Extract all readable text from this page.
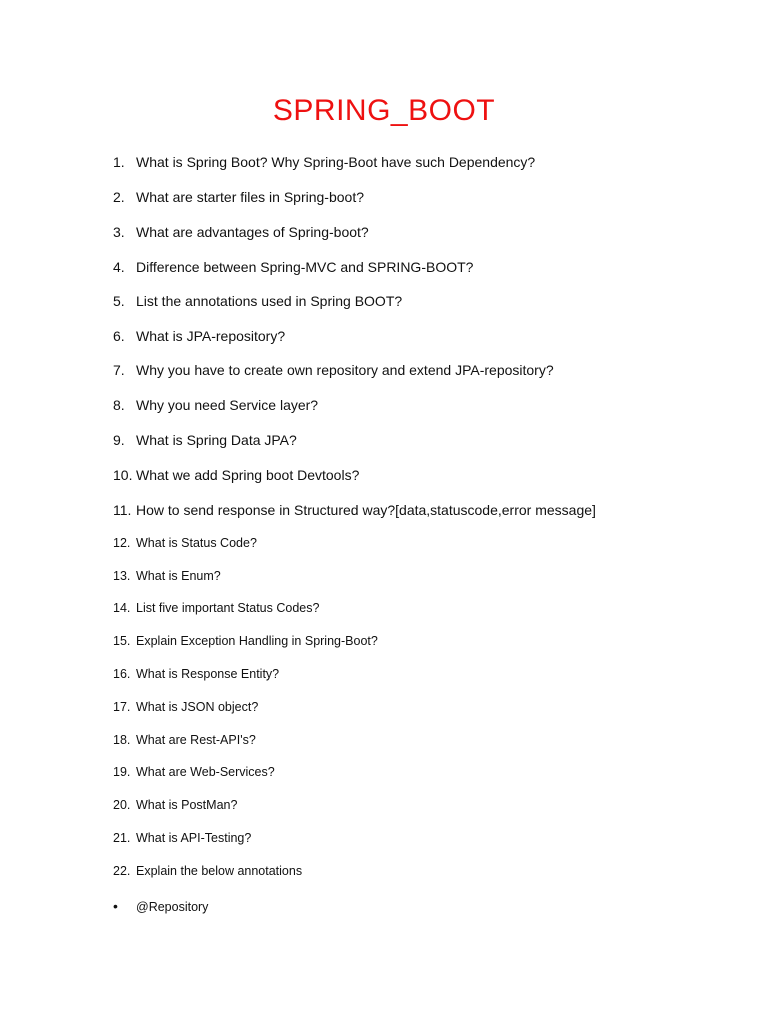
SPRING_BOOT
1. What is Spring Boot? Why Spring-Boot have such Dependency?
2. What are starter files in Spring-boot?
3. What are advantages of Spring-boot?
4. Difference between Spring-MVC and SPRING-BOOT?
5. List the annotations used in Spring BOOT?
6. What is JPA-repository?
7. Why you have to create own repository and extend JPA-repository?
8. Why you need Service layer?
9. What is Spring Data JPA?
10. What we add Spring boot Devtools?
11. How to send response in Structured way?[data,statuscode,error message]
12. What is Status Code?
13. What is Enum?
14. List five important Status Codes?
15. Explain Exception Handling in Spring-Boot?
16. What is Response Entity?
17. What is JSON object?
18. What are Rest-API's?
19. What are Web-Services?
20. What is PostMan?
21. What is API-Testing?
22. Explain the below annotations
•	@Repository
